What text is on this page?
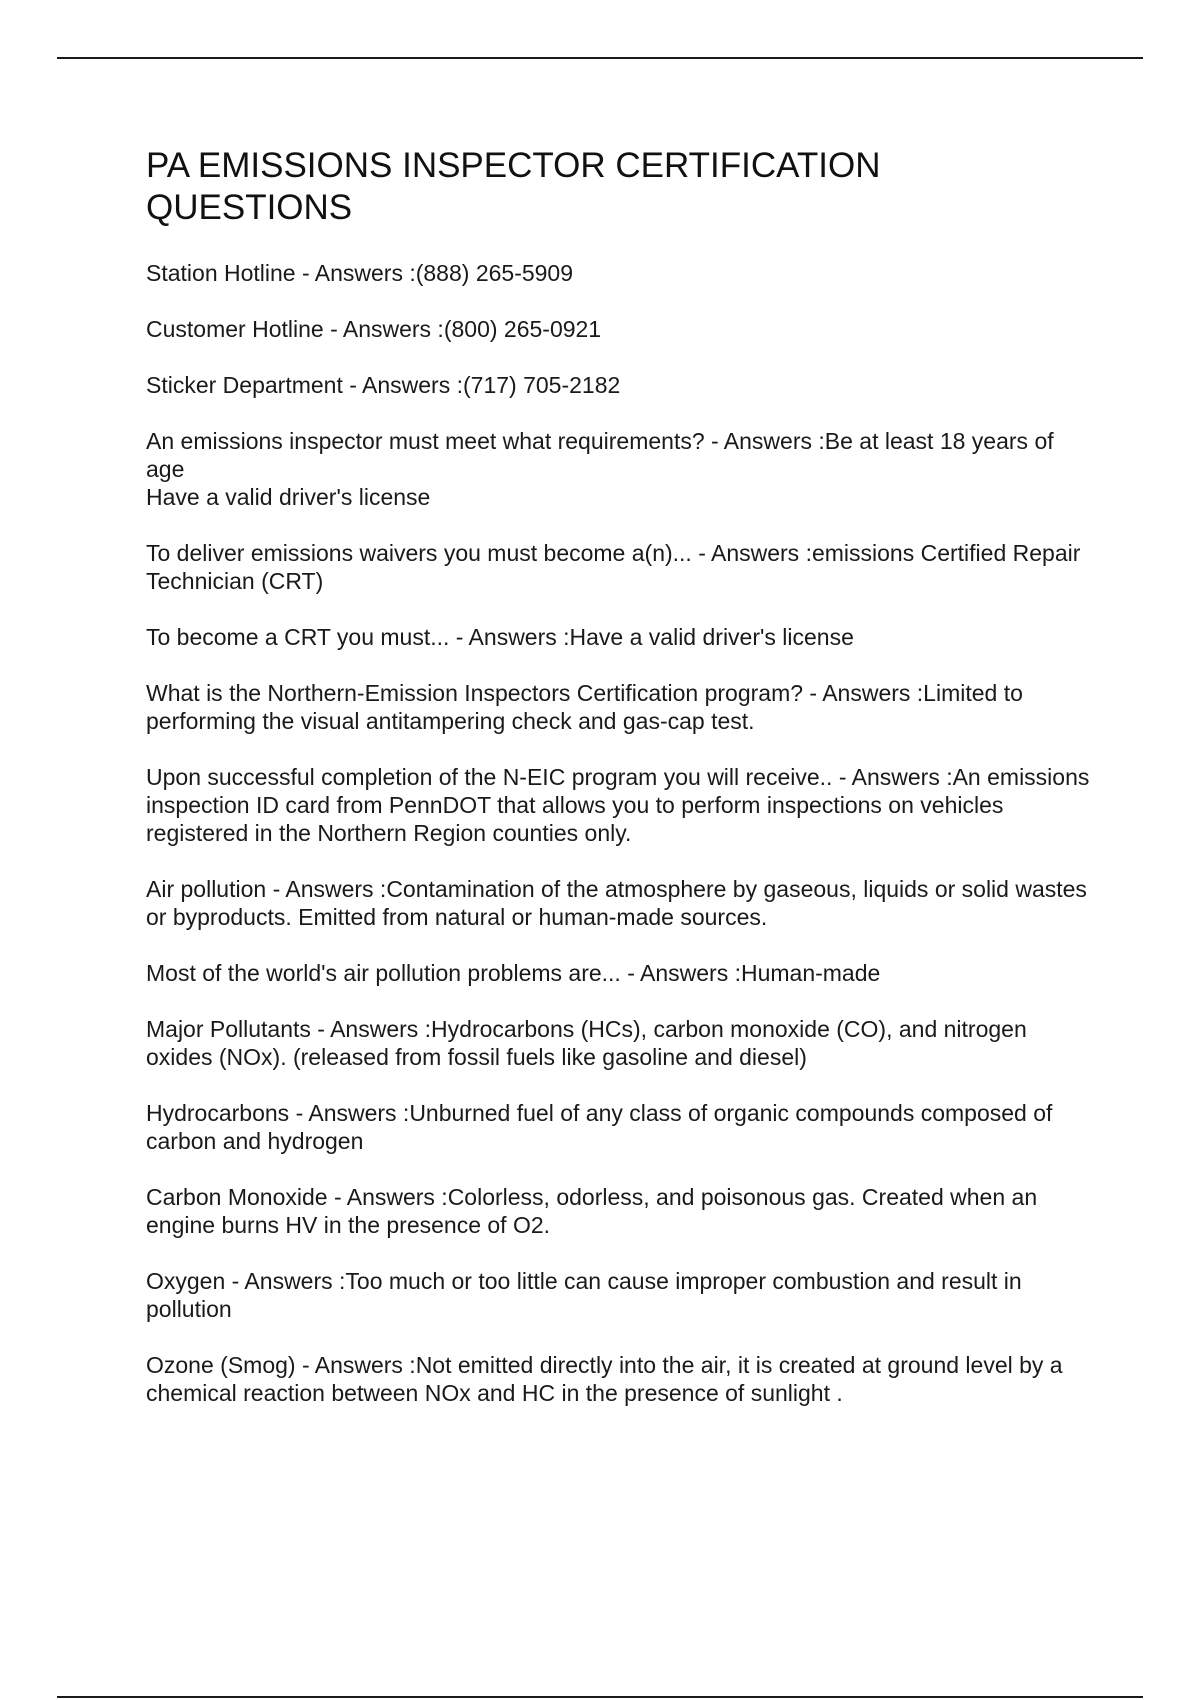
PA EMISSIONS INSPECTOR CERTIFICATION
QUESTIONS
Station Hotline - Answers :(888) 265-5909
Customer Hotline - Answers :(800) 265-0921
Sticker Department - Answers :(717) 705-2182
An emissions inspector must meet what requirements? - Answers :Be at least 18 years of age
Have a valid driver's license
To deliver emissions waivers you must become a(n)... - Answers :emissions Certified Repair Technician (CRT)
To become a CRT you must... - Answers :Have a valid driver's license
What is the Northern-Emission Inspectors Certification program? - Answers :Limited to performing the visual antitampering check and gas-cap test.
Upon successful completion of the N-EIC program you will receive.. - Answers :An emissions inspection ID card from PennDOT that allows you to perform inspections on vehicles registered in the Northern Region counties only.
Air pollution - Answers :Contamination of the atmosphere by gaseous, liquids or solid wastes or byproducts. Emitted from natural or human-made sources.
Most of the world's air pollution problems are... - Answers :Human-made
Major Pollutants - Answers :Hydrocarbons (HCs), carbon monoxide (CO), and nitrogen oxides (NOx). (released from fossil fuels like gasoline and diesel)
Hydrocarbons - Answers :Unburned fuel of any class of organic compounds composed of carbon and hydrogen
Carbon Monoxide - Answers :Colorless, odorless, and poisonous gas. Created when an engine burns HV in the presence of O2.
Oxygen - Answers :Too much or too little can cause improper combustion and result in pollution
Ozone (Smog) - Answers :Not emitted directly into the air, it is created at ground level by a chemical reaction between NOx and HC in the presence of sunlight .
